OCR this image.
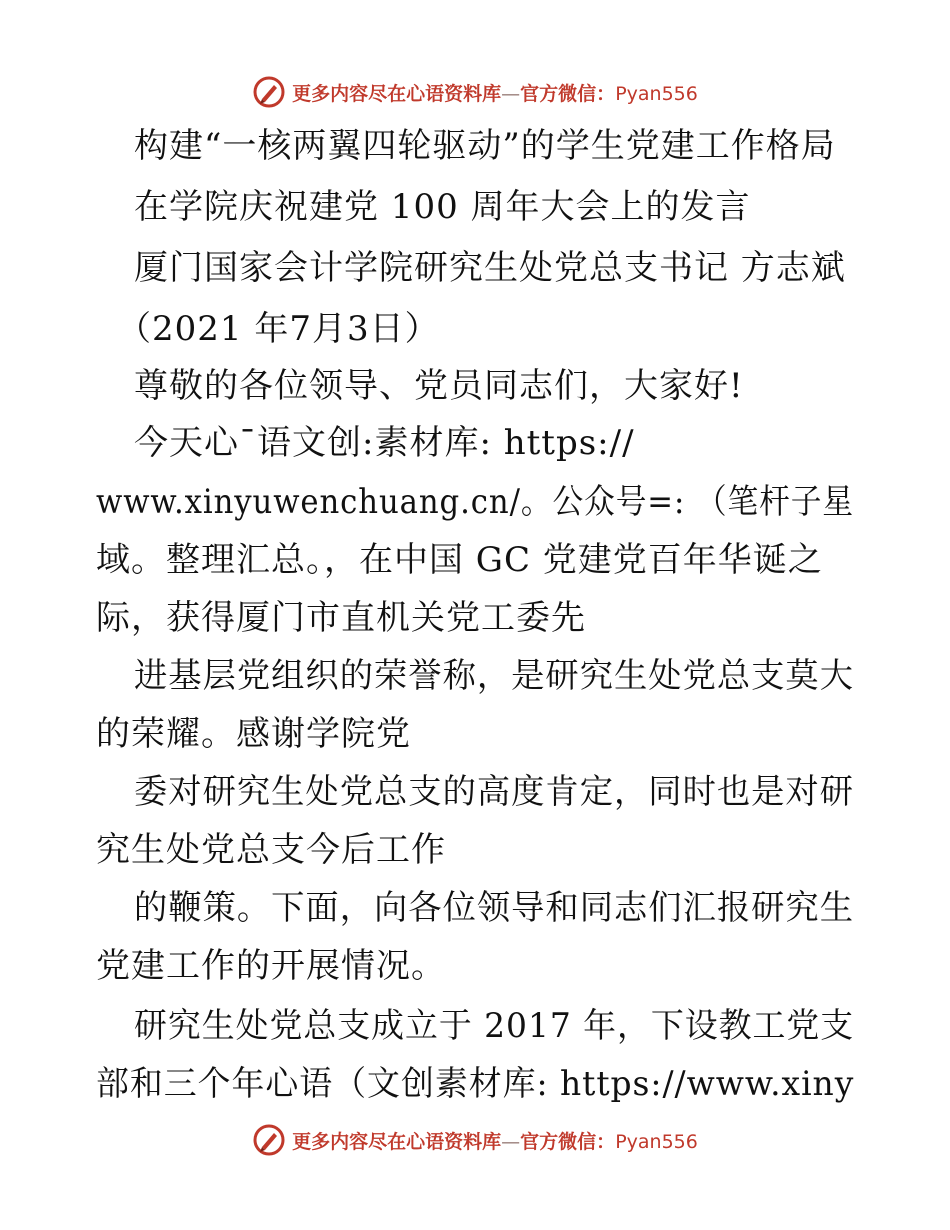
更多内容尽在心语资料库—官方微信：Pyan556
构建“一核两翼四轮驱动”的学生党建工作格局
在学院庆祝建党 100 周年大会上的发言
厦门国家会计学院研究生处党总支书记 方志斌
（2021 年7月3日）
尊敬的各位领导、党员同志们，大家好!
今天心¯语文创:素材库: https://
www.xinyuwenchuang.cn/。公众号=: （笔杆子星
域。整理汇总。，在中国 GC 党建党百年华诞之
际，获得厦门市直机关党工委先
进基层党组织的荣誉称，是研究生处党总支莫大
的荣耀。感谢学院党
委对研究生处党总支的高度肯定，同时也是对研
究生处党总支今后工作
的鞭策。下面，向各位领导和同志们汇报研究生
党建工作的开展情况。
研究生处党总支成立于 2017 年，下设教工党支
部和三个年心语（文创素材库: https://www.xiny
更多内容尽在心语资料库—官方微信：Pyan556
